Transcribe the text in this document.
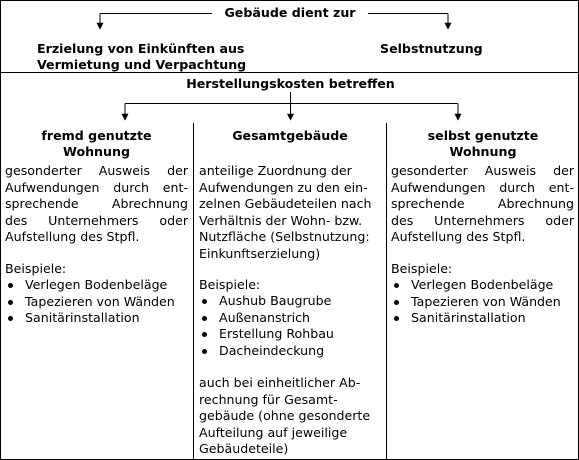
Gebäude dient zur
Erzielung von Einkünften aus
Vermietung und Verpachtung
Selbstnutzung
Herstellungskosten betreffen
fremd genutzte
Wohnung
gesonderter Ausweis der
Aufwendungen durch ent-
sprechende Abrechnung
des Unternehmers oder
Aufstellung des Stpfl.
Beispiele:
Verlegen Bodenbeläge
Tapezieren von Wänden
Sanitärinstallation
Gesamtgebäude
anteilige Zuordnung der
Aufwendungen zu den ein-
zelnen Gebäudeteilen nach
Verhältnis der Wohn- bzw.
Nutzfläche (Selbstnutzung:
Einkunftserzielung)
Beispiele:
Aushub Baugrube
Außenanstrich
Erstellung Rohbau
Dacheindeckung
auch bei einheitlicher Ab-
rechnung für Gesamt-
gebäude (ohne gesonderte
Aufteilung auf jeweilige
Gebäudeteile)
selbst genutzte
Wohnung
gesonderter Ausweis der
Aufwendungen durch ent-
sprechende Abrechnung
des Unternehmers oder
Aufstellung des Stpfl.
Beispiele:
Verlegen Bodenbeläge
Tapezieren von Wänden
Sanitärinstallation
